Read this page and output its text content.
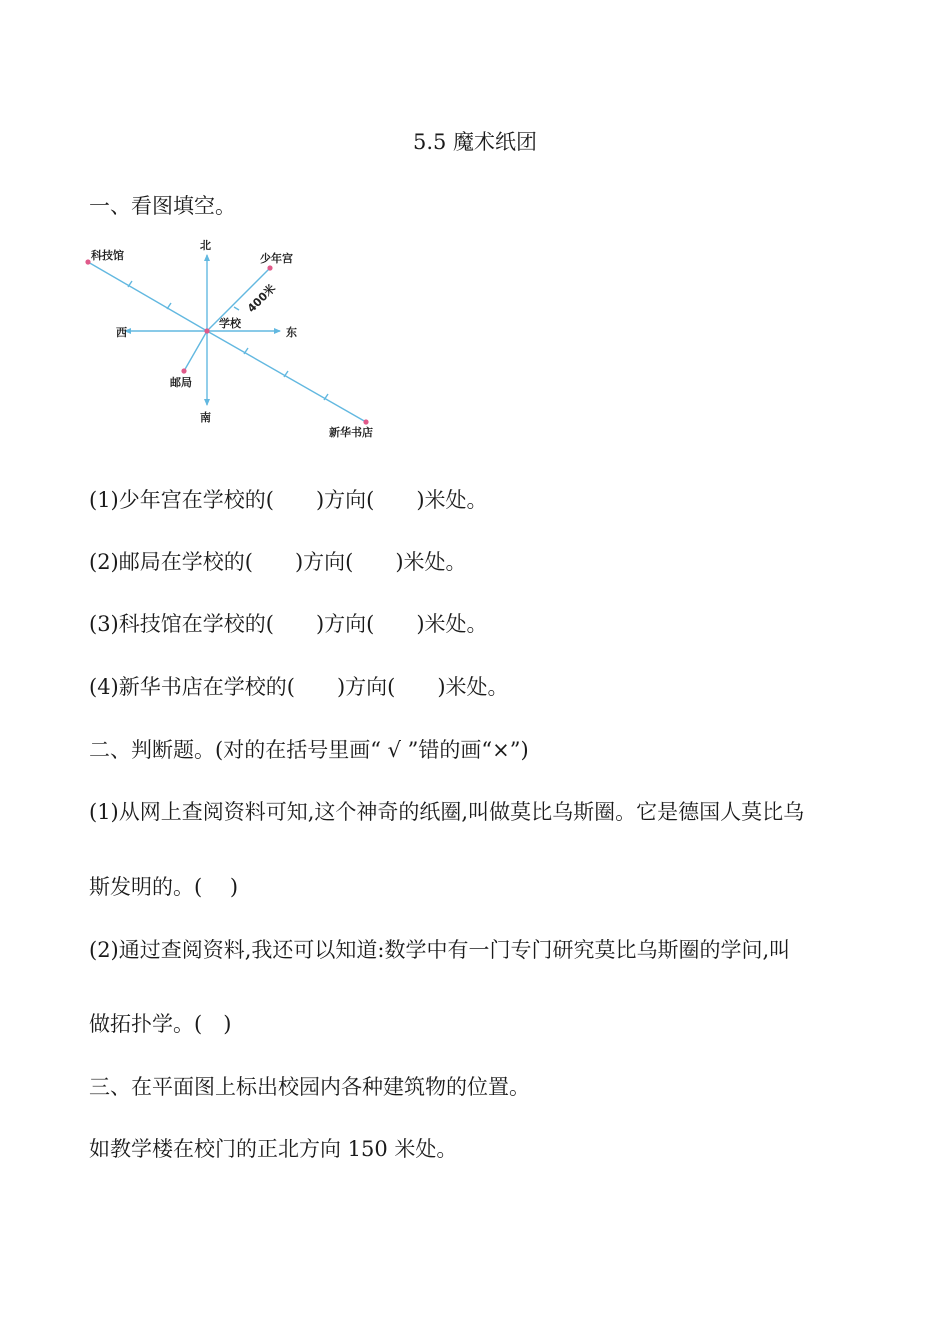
5.5 魔术纸团
一、看图填空。
北
南
东
西
学校
科技馆	少年宫
邮局
新华书店
400米
(1)少年宫在学校的(　　)方向(　　)米处。
(2)邮局在学校的(　　)方向(　　)米处。
(3)科技馆在学校的(　　)方向(　　)米处。
(4)新华书店在学校的(　　)方向(　　)米处。
二、判断题。(对的在括号里画“ √ ”错的画“×”)
(1)从网上查阅资料可知,这个神奇的纸圈,叫做莫比乌斯圈。它是德国人莫比乌
斯发明的。(　 )
(2)通过查阅资料,我还可以知道:数学中有一门专门研究莫比乌斯圈的学问,叫
做拓扑学。(　)
三、在平面图上标出校园内各种建筑物的位置。
如教学楼在校门的正北方向 150 米处。
